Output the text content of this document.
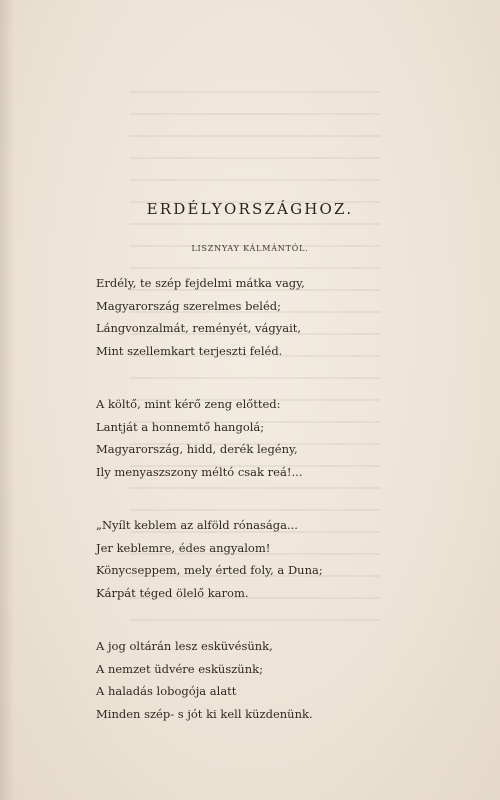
ERDÉLYORSZÁGHOZ.
LISZNYAY KÁLMÁNTÓL.
Erdély, te szép fejdelmi mátka vagy,
Magyarország szerelmes beléd;
Lángvonzalmát, reményét, vágyait,
Mint szellemkart terjeszti feléd.
A költő, mint kérő zeng előtted:
Lantját a honnemtő hangolá;
Magyarország, hidd, derék legény,
Ily menyaszszony méltó csak reá!...
„Nyílt keblem az alföld rónasága...
Jer keblemre, édes angyalom!
Könycseppem, mely érted foly, a Duna;
Kárpát téged ölelő karom.
A jog oltárán lesz esküvésünk,
A nemzet üdvére esküszünk;
A haladás lobogója alatt
Minden szép- s jót ki kell küzdenünk.
